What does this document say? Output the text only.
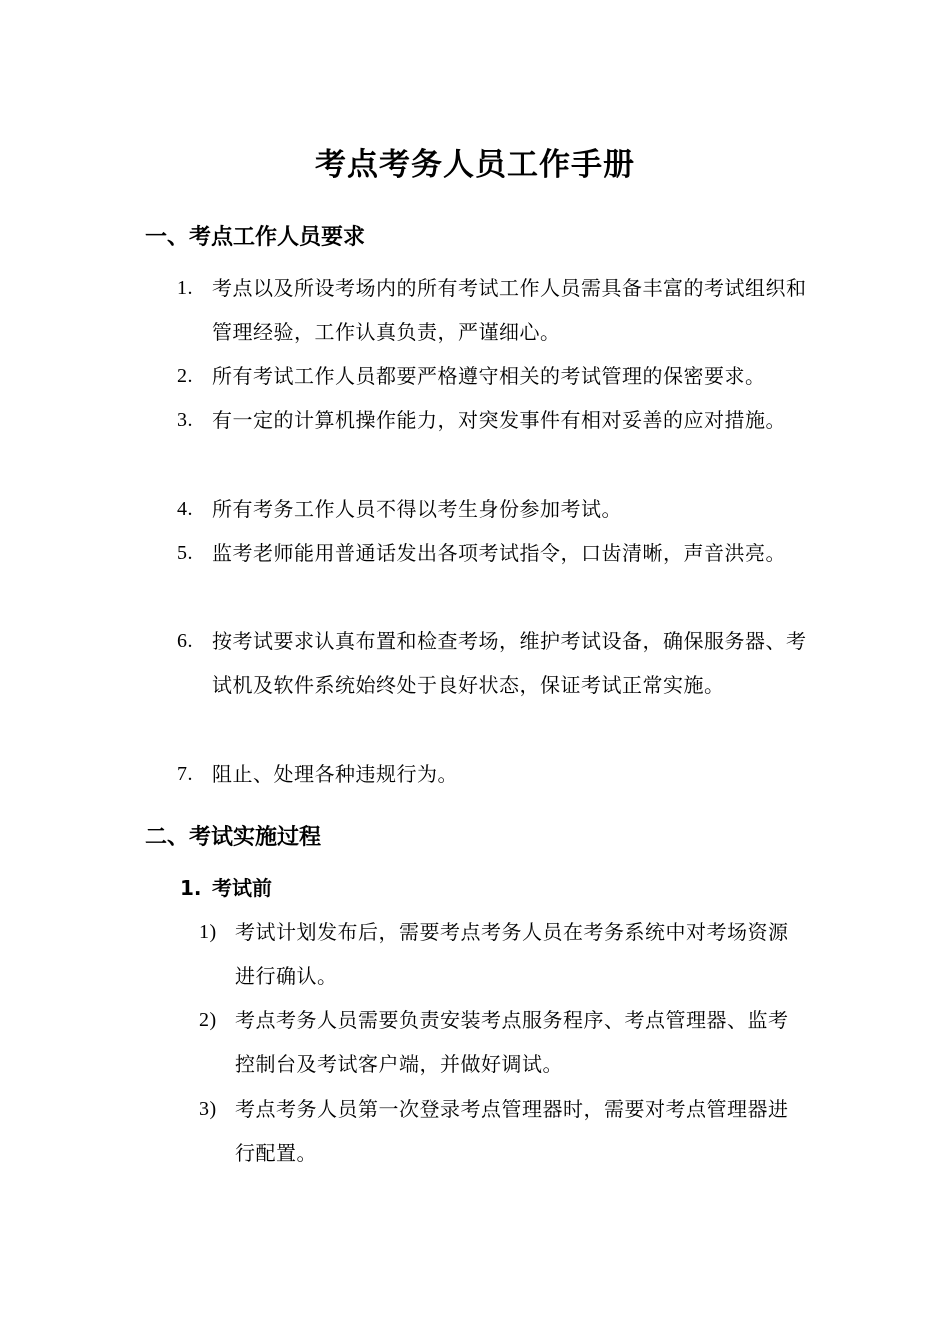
考点考务人员工作手册
一、考点工作人员要求
1. 考点以及所设考场内的所有考试工作人员需具备丰富的考试组织和管理经验，工作认真负责，严谨细心。
2. 所有考试工作人员都要严格遵守相关的考试管理的保密要求。
3. 有一定的计算机操作能力，对突发事件有相对妥善的应对措施。
4. 所有考务工作人员不得以考生身份参加考试。
5. 监考老师能用普通话发出各项考试指令，口齿清晰，声音洪亮。
6. 按考试要求认真布置和检查考场，维护考试设备，确保服务器、考试机及软件系统始终处于良好状态，保证考试正常实施。
7. 阻止、处理各种违规行为。
二、考试实施过程
1. 考试前
1) 考试计划发布后，需要考点考务人员在考务系统中对考场资源进行确认。
2) 考点考务人员需要负责安装考点服务程序、考点管理器、监考控制台及考试客户端，并做好调试。
3) 考点考务人员第一次登录考点管理器时，需要对考点管理器进行配置。
